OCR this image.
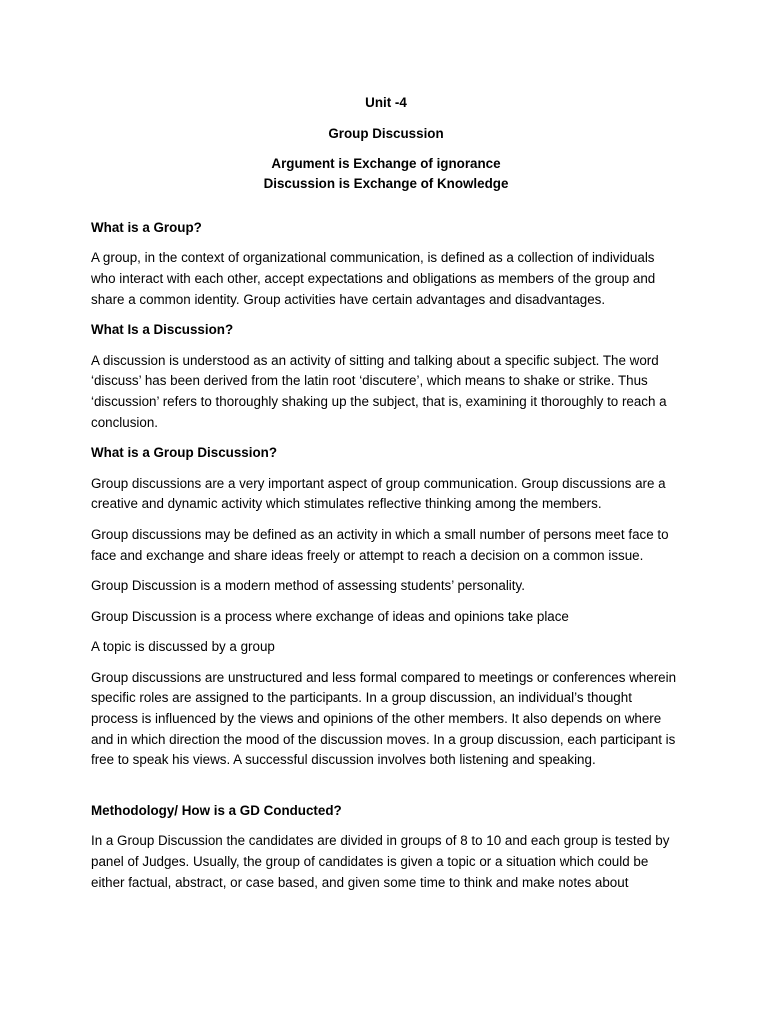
Unit -4
Group Discussion
Argument is Exchange of ignorance
Discussion is Exchange of Knowledge
What is a Group?

A group, in the context of organizational communication, is defined as a collection of individuals who interact with each other, accept expectations and obligations as members of the group and share a common identity. Group activities have certain advantages and disadvantages.

What Is a Discussion?

A discussion is understood as an activity of sitting and talking about a specific subject. The word ‘discuss’ has been derived from the latin root ‘discutere’, which means to shake or strike. Thus ‘discussion’ refers to thoroughly shaking up the subject, that is, examining it thoroughly to reach a conclusion.

What is a Group Discussion?

Group discussions are a very important aspect of group communication. Group discussions are a creative and dynamic activity which stimulates reflective thinking among the members.

Group discussions may be defined as an activity in which a small number of persons meet face to face and exchange and share ideas freely or attempt to reach a decision on a common issue.

Group Discussion is a modern method of assessing students’ personality.

Group Discussion is a process where exchange of ideas and opinions take place

A topic is discussed by a group

Group discussions are unstructured and less formal compared to meetings or conferences wherein specific roles are assigned to the participants. In a group discussion, an individual’s thought process is influenced by the views and opinions of the other members. It also depends on where and in which direction the mood of the discussion moves. In a group discussion, each participant is free to speak his views. A successful discussion involves both listening and speaking.

Methodology/ How is a GD Conducted?

In a Group Discussion the candidates are divided in groups of 8 to 10 and each group is tested by panel of Judges. Usually, the group of candidates is given a topic or a situation which could be either factual, abstract, or case based, and given some time to think and make notes about
